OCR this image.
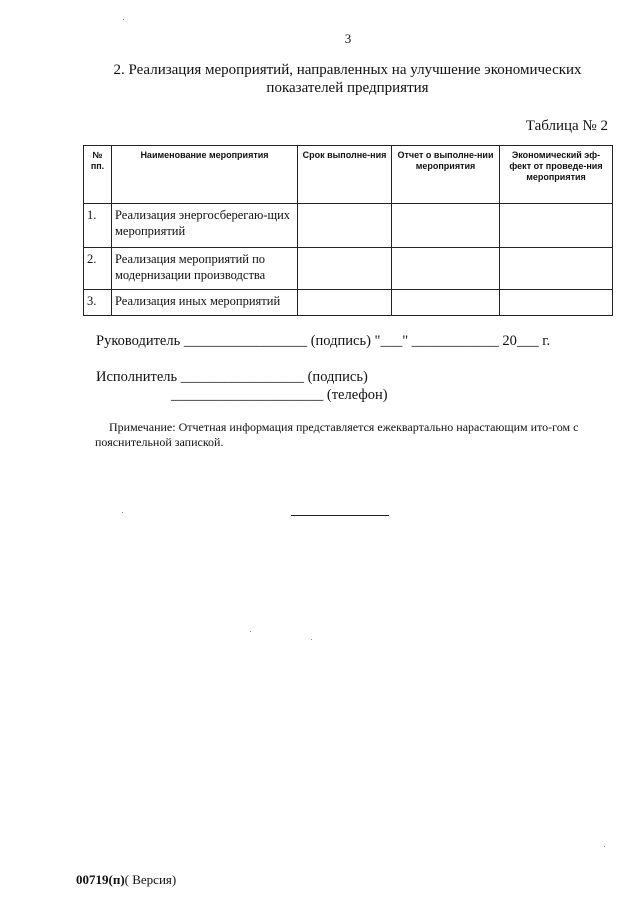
3
2. Реализация мероприятий, направленных на улучшение экономических показателей предприятия
Таблица № 2
№ пп.	Наименование мероприятия	Срок выполне-ния	Отчет о выполне-нии мероприятия	Экономический эф-фект от проведе-ния мероприятия
1.	Реализация энергосберегаю-щих мероприятий			
2.	Реализация мероприятий по модернизации производства			
3.	Реализация иных мероприятий			
Руководитель _________________ (подпись) "___" ____________ 20___ г.
Исполнитель _________________ (подпись)
_____________________ (телефон)
Примечание: Отчетная информация представляется ежеквартально нарастающим ито-гом с пояснительной запиской.
00719(п)( Версия)
